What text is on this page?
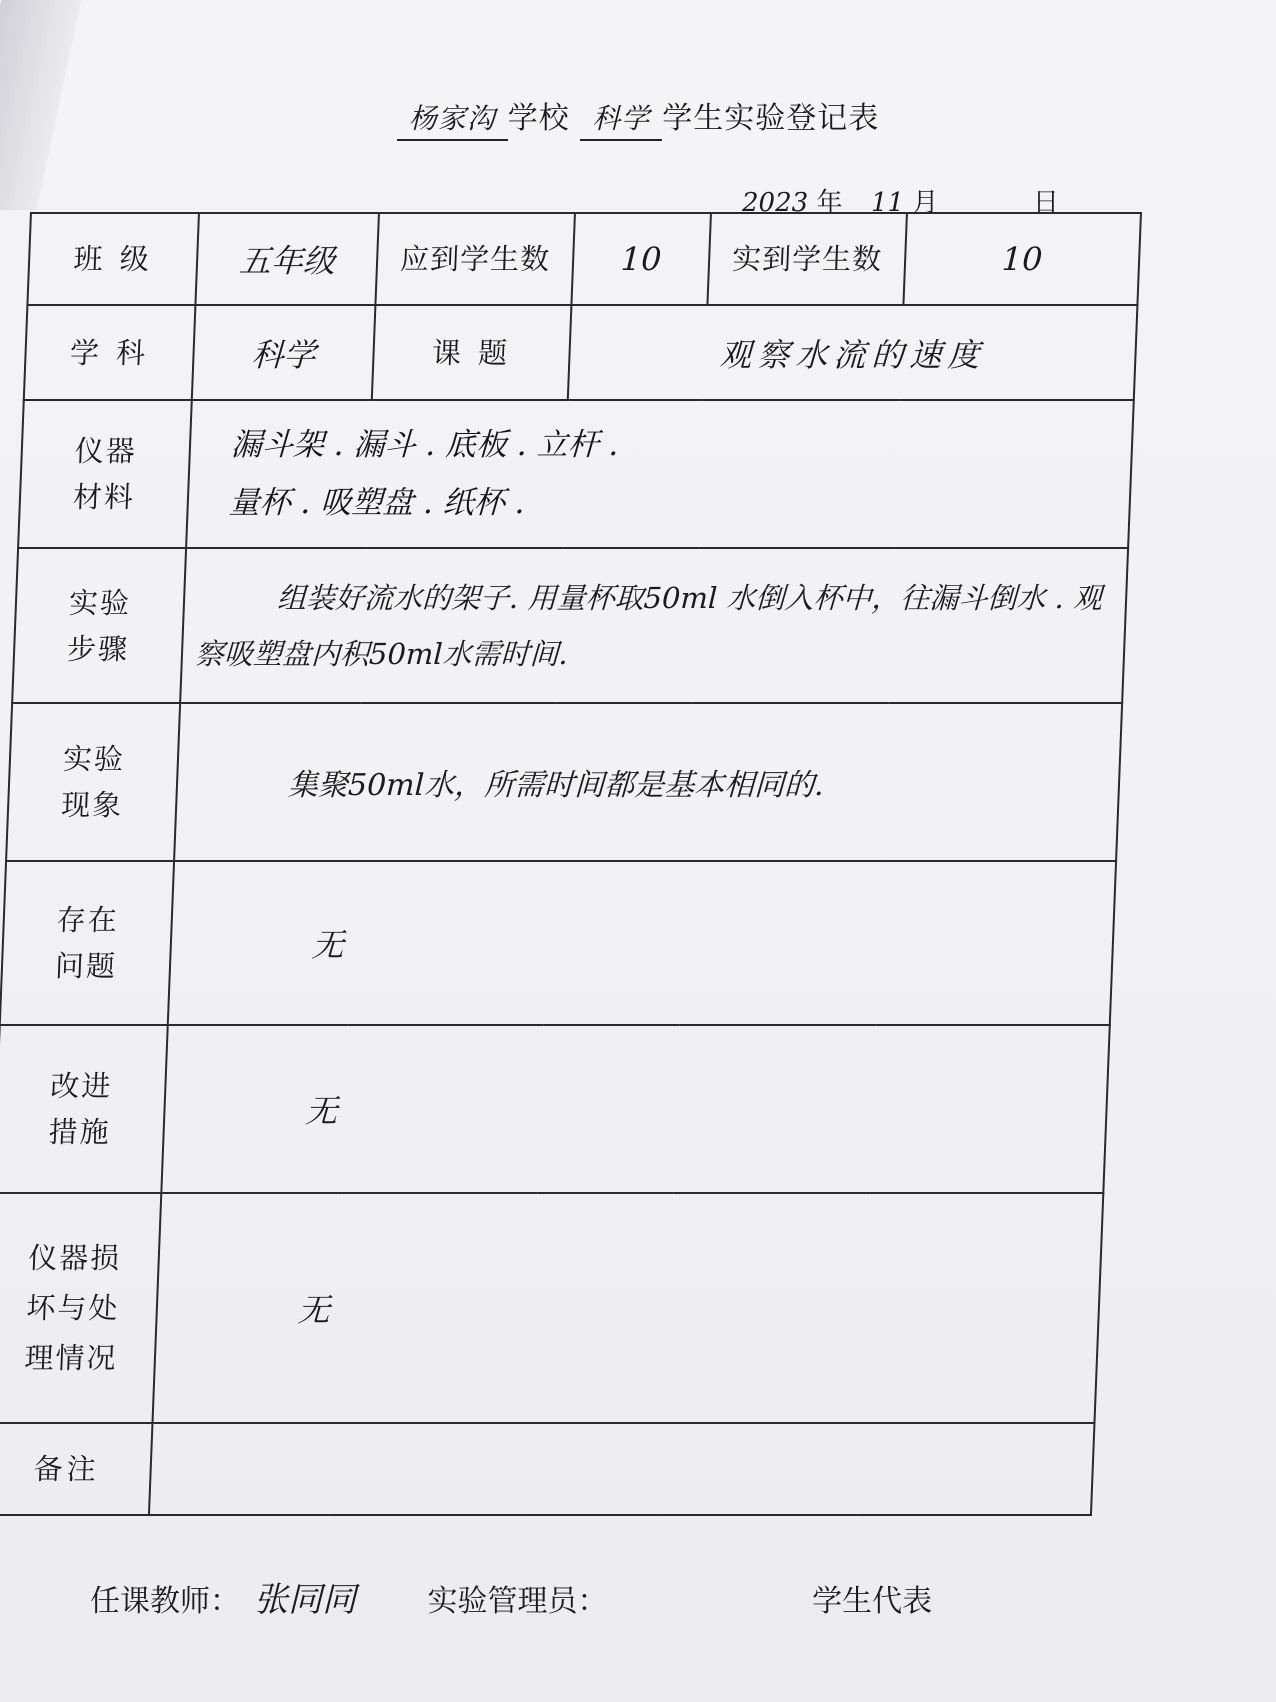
杨家沟 学校 科学 学生实验登记表
2023 年 11 月	日
班 级	五年级	应到学生数	10	实到学生数	10
学 科	科学	课 题	观察水流的速度		
仪器材料	漏斗架 . 漏斗 . 底板 . 立杆 .
量杯 . 吸塑盘 . 纸杯 .				

实验步骤	组装好流水的架子. 用量杯取50ml 水倒入杯中，往漏斗倒水 . 观察吸塑盘内积50ml水需时间.				
实验现象	集聚50ml水，所需时间都是基本相同的.				
存在问题	无				
改进措施	无				
仪器损坏与处理情况	无				
备注					
任课教师： 张同同 实验管理员：	学生代表
